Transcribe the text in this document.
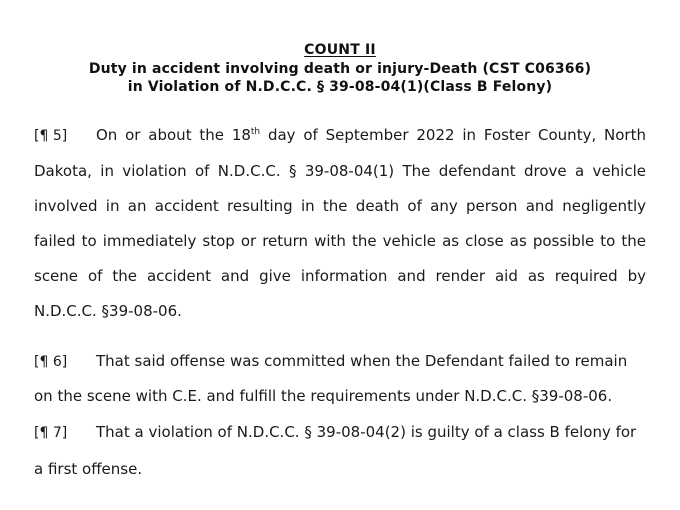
COUNT II
Duty in accident involving death or injury-Death (CST C06366)
in Violation of N.D.C.C. § 39-08-04(1)(Class B Felony)
[¶ 5] On or about the 18th day of September 2022 in Foster County, North Dakota, in violation of N.D.C.C. § 39-08-04(1) The defendant drove a vehicle involved in an accident resulting in the death of any person and negligently failed to immediately stop or return with the vehicle as close as possible to the scene of the accident and give information and render aid as required by N.D.C.C. §39-08-06.
[¶ 6] That said offense was committed when the Defendant failed to remain on the scene with C.E. and fulfill the requirements under N.D.C.C. §39-08-06.
[¶ 7] That a violation of N.D.C.C. § 39-08-04(2) is guilty of a class B felony for a first offense.
